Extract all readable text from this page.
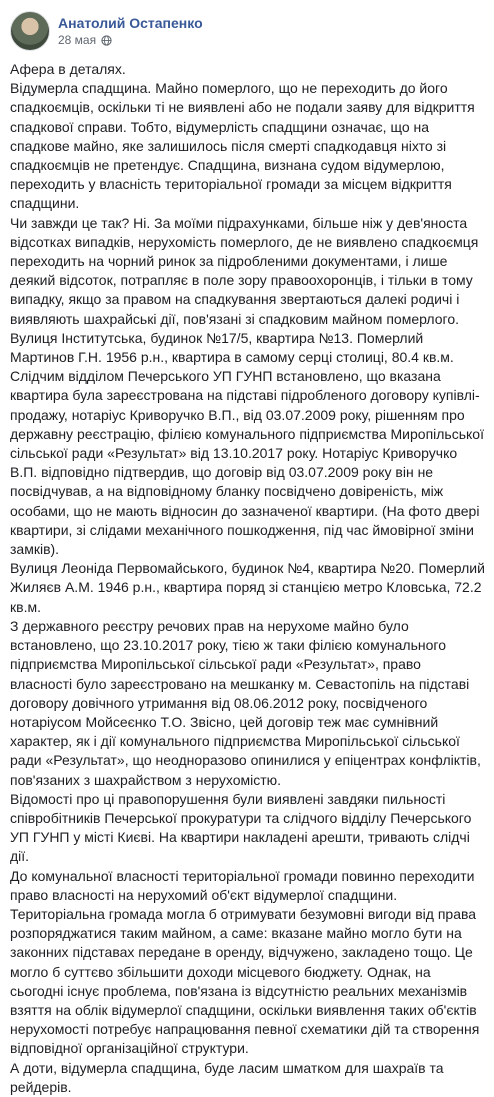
Анатолий Остапенко
28 мая

Афера в деталях.

Відумерла спадщина. Майно померлого, що не переходить до його спадкоємців, оскільки ті не виявлені або не подали заяву для відкриття спадкової справи. Тобто, відумерлість спадщини означає, що на спадкове майно, яке залишилось після смерті спадкодавця ніхто зі спадкоємців не претендує. Спадщина, визнана судом відумерлою, переходить у власність територіальної громади за місцем відкриття спадщини.

Чи завжди це так? Ні. За моїми підрахунками, більше ніж у дев'яноста відсотках випадків, нерухомість померлого, де не виявлено спадкоємця переходить на чорний ринок за підробленими документами, і лише деякий відсоток, потрапляє в поле зору правоохоронців, і тільки в тому випадку, якщо за правом на спадкування звертаються далекі родичі і виявляють шахрайські дії, пов'язані зі спадковим майном померлого.

Вулиця Інститутська, будинок №17/5, квартира №13. Померлий Мартинов Г.Н. 1956 р.н., квартира в самому серці столиці, 80.4 кв.м. Слідчим відділом Печерського УП ГУНП встановлено, що вказана квартира була зареєстрована на підставі підробленого договору купівлі-продажу, нотаріус Криворучко В.П., від 03.07.2009 року, рішенням про державну реєстрацію, філією комунального підприємства Миропільської сільської ради «Результат» від 13.10.2017 року. Нотаріус Криворучко В.П. відповідно підтвердив, що договір від 03.07.2009 року він не посвідчував, а на відповідному бланку посвідчено довіреність, між особами, що не мають відносин до зазначеної квартири. (На фото двері квартири, зі слідами механічного пошкодження, під час ймовірної зміни замків).

Вулиця Леоніда Первомайського, будинок №4, квартира №20. Померлий Жиляєв А.М. 1946 р.н., квартира поряд зі станцією метро Кловська, 72.2 кв.м.

З державного реєстру речових прав на нерухоме майно було встановлено, що 23.10.2017 року, тією ж таки філією комунального підприємства Миропільської сільської ради «Результат», право власності було зареєстровано на мешканку м. Севастопіль на підставі договору довічного утримання від 08.06.2012 року, посвідченого нотаріусом Мойсеєнко Т.О. Звісно, цей договір теж має сумнівний характер, як і дії комунального підприємства Миропільської сільської ради «Результат», що неодноразово опинилися у епіцентрах конфліктів, пов'язаних з шахрайством з нерухомістю.

Відомості про ці правопорушення були виявлені завдяки пильності співробітників Печерської прокуратури та слідчого відділу Печерського УП ГУНП у місті Києві. На квартири накладені арешти, тривають слідчі дії.

До комунальної власності територіальної громади повинно переходити право власності на нерухомий об'єкт відумерлої спадщини.

Територіальна громада могла б отримувати безумовні вигоди від права розпоряджатися таким майном, а саме: вказане майно могло бути на законних підставах передане в оренду, відчужено, закладено тощо. Це могло б суттєво збільшити доходи місцевого бюджету. Однак, на сьогодні існує проблема, пов'язана із відсутністю реальних механізмів взяття на облік відумерлої спадщини, оскільки виявлення таких об'єктів нерухомості потребує напрацювання певної схематики дій та створення відповідної організаційної структури.

А доти, відумерла спадщина, буде ласим шматком для шахраїв та рейдерів.
